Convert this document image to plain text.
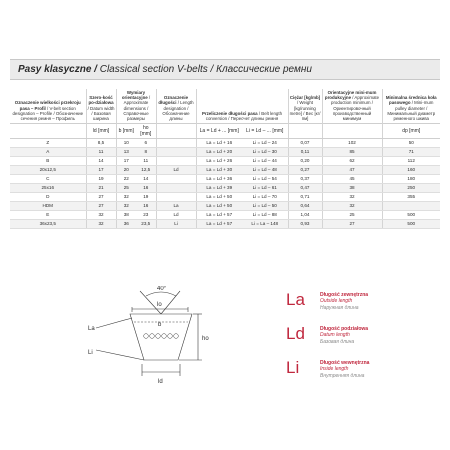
Pasy klasyczne / Classical section V-belts / Классические ремни
Oznaczenie wielkości przekroju pasa – Profil / V-belt section designation – Profile / Обозначение сечения ремня – Профиль	Szero-kość po-działowa / Datum width / Базовая ширина	Wymiary orientacyjne / Approximate dimensions / Справочные размеры		Oznaczenie długości / Length designation / Обозначение длины	Przeliczenie długości pasa / Belt length conversion / Пересчет длины ремня		Ciężar [kg/mb] / Weight [kg/running metre] / Вес [кг/пм]	Orientacyjne mini-mum produkcyjne / Approximate production minimum / Ориентировочный производственный минимум	Minimalna średnica koła pasowego / Mini-mum pulley diameter / Минимальный диаметр ременного шкива
	ld [mm]	b [mm]	ho [mm]		La = Ld + ... [mm]	Li = Ld – ... [mm]			dp [mm]
Z	8,5	10	6		La = Ld + 16	Li = Ld – 24	0,07	102	50
A	11	13	8		La = Ld + 20	Li = Ld – 30	0,11	85	71
B	14	17	11		La = Ld + 26	Li = Ld – 44	0,20	62	112
20x12,5	17	20	12,5	Ld	La = Ld + 30	Li = Ld – 48	0,27	47	160
C	19	22	14		La = Ld + 36	Li = Ld – 54	0,37	45	180
25x16	21	25	16		La = Ld + 39	Li = Ld – 61	0,47	38	250
D	27	32	19		La = Ld + 50	Li = Ld – 70	0,71	32	355
HDM	27	32	16	La	La = Ld + 50	Li = Ld – 50	0,64	32	
E	32	38	23	Ld	La = Ld + 57	Li = Ld – 88	1,04	25	500
36x23,5	32	36	23,5	Li	La = Ld + 57	Li = La – 148	0,93	27	500
40°
lo
La
b
ho
Li
ld
La	Długość zewnętrzna
Outside length
Наружная длина
Ld	Długość podziałowa
Datum length
Базовая длина
Li	Długość wewnętrzna
Inside length
Внутренняя длина
